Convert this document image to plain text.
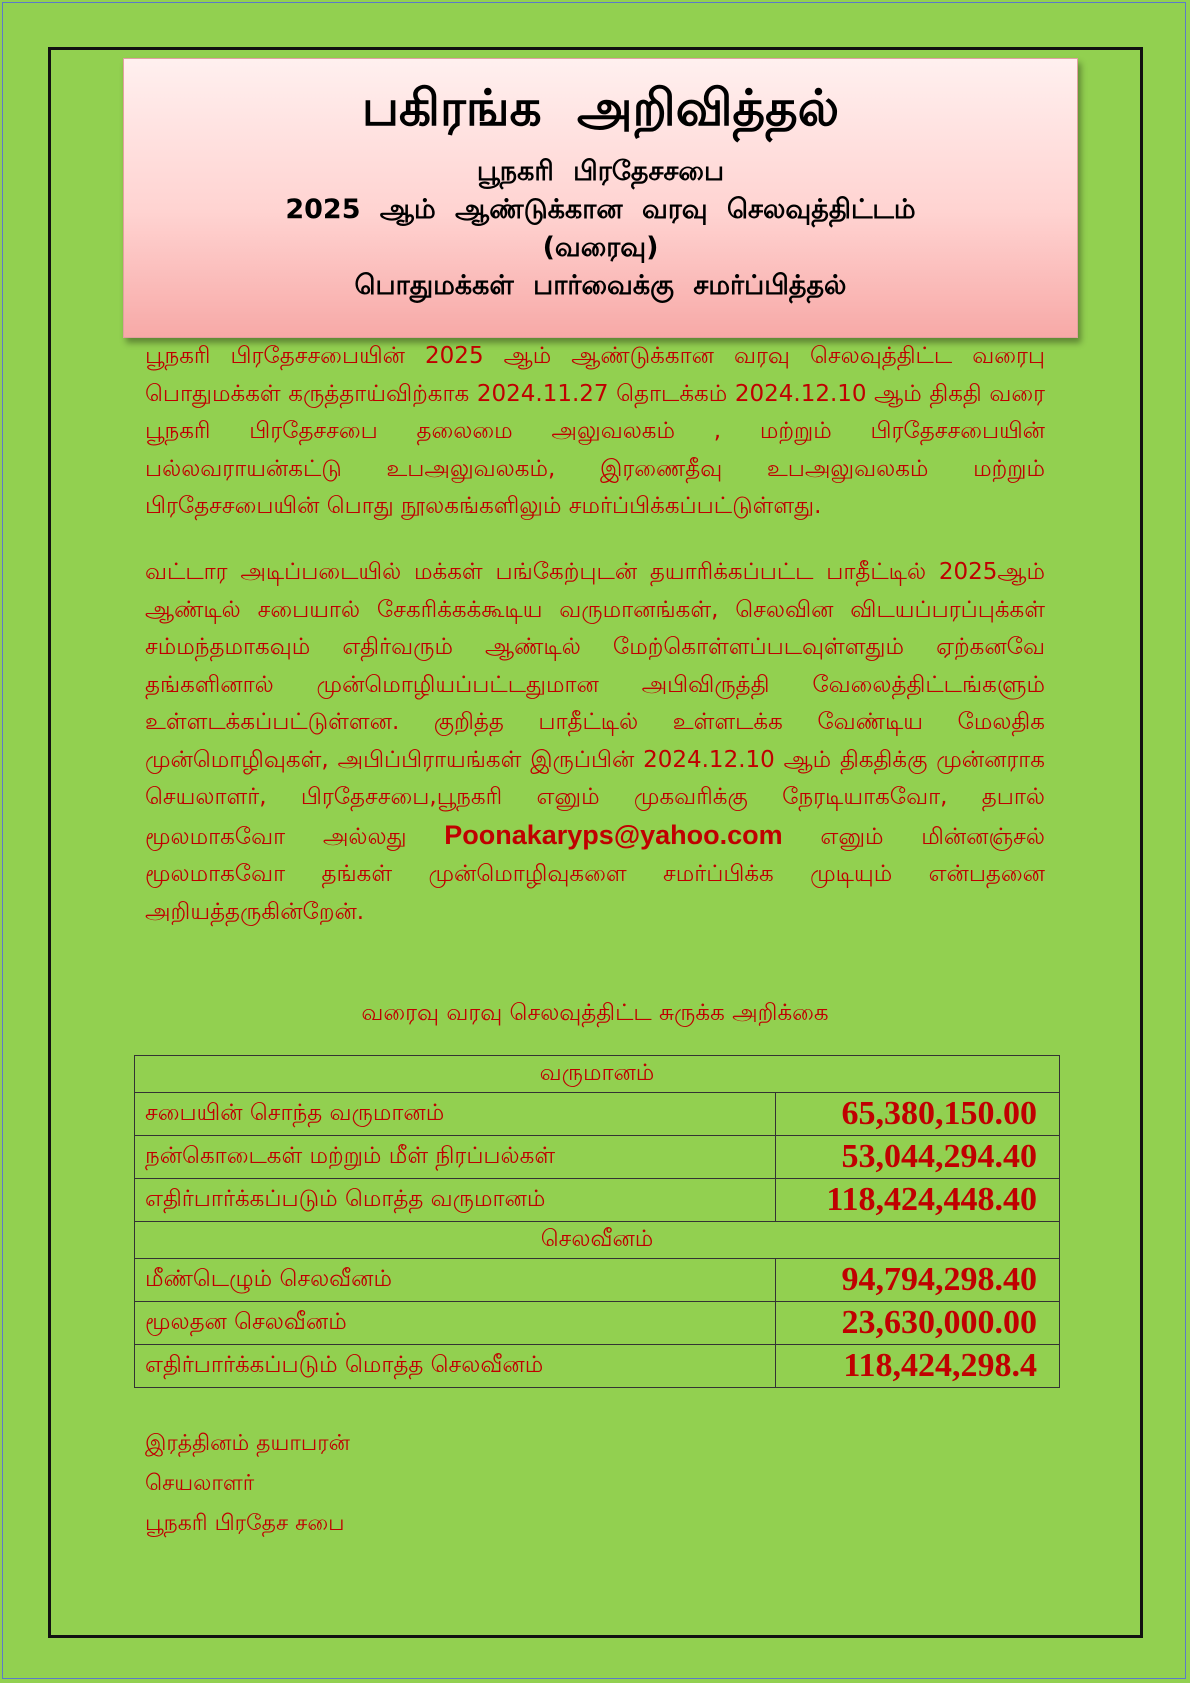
பகிரங்க அறிவித்தல்
பூநகரி பிரதேசசபை
2025 ஆம் ஆண்டுக்கான வரவு செலவுத்திட்டம்
(வரைவு)
பொதுமக்கள் பார்வைக்கு சமர்ப்பித்தல்
பூநகரி பிரதேசசபையின் 2025 ஆம் ஆண்டுக்கான வரவு செலவுத்திட்ட வரைபு பொதுமக்கள் கருத்தாய்விற்காக 2024.11.27 தொடக்கம் 2024.12.10 ஆம் திகதி வரை பூநகரி பிரதேசசபை தலைமை அலுவலகம் , மற்றும் பிரதேசசபையின் பல்லவராயன்கட்டு உபஅலுவலகம், இரணைதீவு உபஅலுவலகம் மற்றும் பிரதேசசபையின் பொது நூலகங்களிலும் சமர்ப்பிக்கப்பட்டுள்ளது.
வட்டார அடிப்படையில் மக்கள் பங்கேற்புடன் தயாரிக்கப்பட்ட பாதீட்டில் 2025ஆம் ஆண்டில் சபையால் சேகரிக்கக்கூடிய வருமானங்கள், செலவின விடயப்பரப்புக்கள் சம்மந்தமாகவும் எதிர்வரும் ஆண்டில் மேற்கொள்ளப்படவுள்ளதும் ஏற்கனவே தங்களினால் முன்மொழியப்பட்டதுமான அபிவிருத்தி வேலைத்திட்டங்களும் உள்ளடக்கப்பட்டுள்ளன. குறித்த பாதீட்டில் உள்ளடக்க வேண்டிய மேலதிக முன்மொழிவுகள், அபிப்பிராயங்கள் இருப்பின் 2024.12.10 ஆம் திகதிக்கு முன்னராக செயலாளர், பிரதேசசபை,பூநகரி எனும் முகவரிக்கு நேரடியாகவோ, தபால் மூலமாகவோ அல்லது Poonakaryps@yahoo.com எனும் மின்னஞ்சல் மூலமாகவோ தங்கள் முன்மொழிவுகளை சமர்ப்பிக்க முடியும் என்பதனை அறியத்தருகின்றேன்.
வரைவு வரவு செலவுத்திட்ட சுருக்க அறிக்கை
வருமானம்	
சபையின் சொந்த வருமானம்	65,380,150.00
நன்கொடைகள் மற்றும் மீள் நிரப்பல்கள்	53,044,294.40
எதிர்பார்க்கப்படும் மொத்த வருமானம்	118,424,448.40
செலவீனம்	
மீண்டெழும் செலவீனம்	94,794,298.40
மூலதன செலவீனம்	23,630,000.00
எதிர்பார்க்கப்படும் மொத்த செலவீனம்	118,424,298.4
இரத்தினம் தயாபரன்
செயலாளர்
பூநகரி பிரதேச சபை
